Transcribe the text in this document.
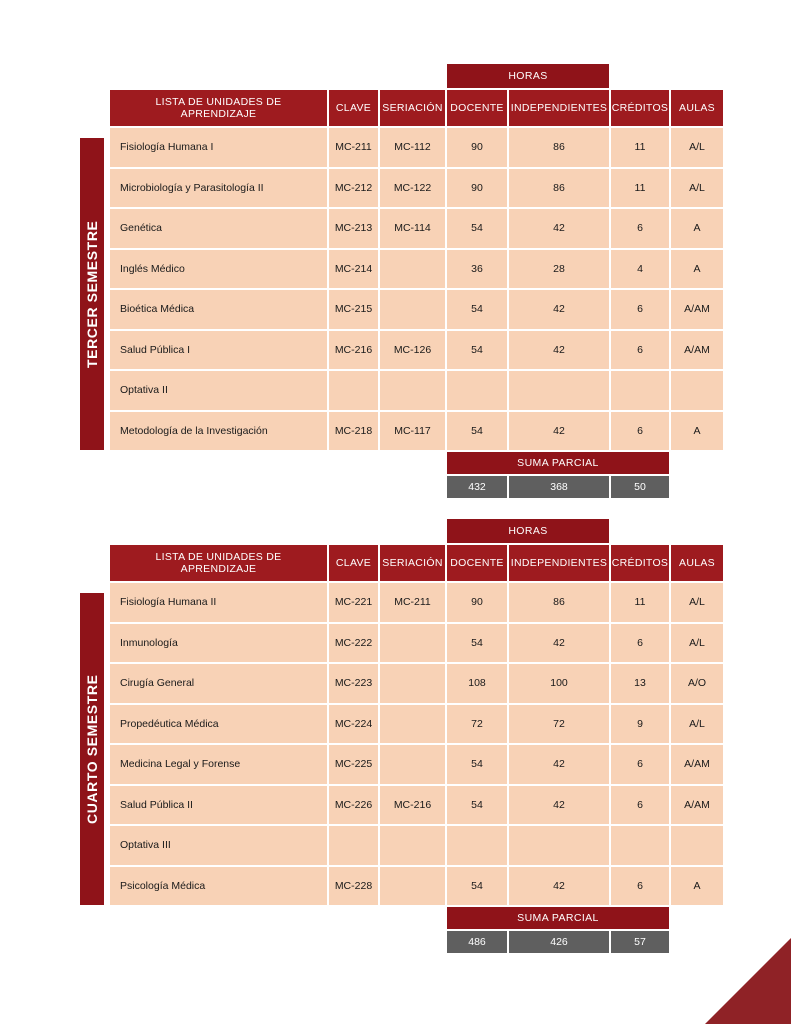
TERCER SEMESTRE
			HORAS			
LISTA DE UNIDADES DE APRENDIZAJE	CLAVE	SERIACIÓN	DOCENTE	INDEPENDIENTES	CRÉDITOS	AULAS
Fisiología Humana I	MC-211	MC-112	90	86	11	A/L
Microbiología y Parasitología II	MC-212	MC-122	90	86	11	A/L
Genética	MC-213	MC-114	54	42	6	A
Inglés Médico	MC-214		36	28	4	A
Bioética Médica	MC-215		54	42	6	A/AM
Salud Pública I	MC-216	MC-126	54	42	6	A/AM
Optativa II						
Metodología de la Investigación	MC-218	MC-117	54	42	6	A
			SUMA PARCIAL			
			432	368	50	
CUARTO SEMESTRE
			HORAS			
LISTA DE UNIDADES DE APRENDIZAJE	CLAVE	SERIACIÓN	DOCENTE	INDEPENDIENTES	CRÉDITOS	AULAS
Fisiología Humana II	MC-221	MC-211	90	86	11	A/L
Inmunología	MC-222		54	42	6	A/L
Cirugía General	MC-223		108	100	13	A/O
Propedéutica Médica	MC-224		72	72	9	A/L
Medicina Legal y Forense	MC-225		54	42	6	A/AM
Salud Pública II	MC-226	MC-216	54	42	6	A/AM
Optativa III						
Psicología Médica	MC-228		54	42	6	A
			SUMA PARCIAL			
			486	426	57	
